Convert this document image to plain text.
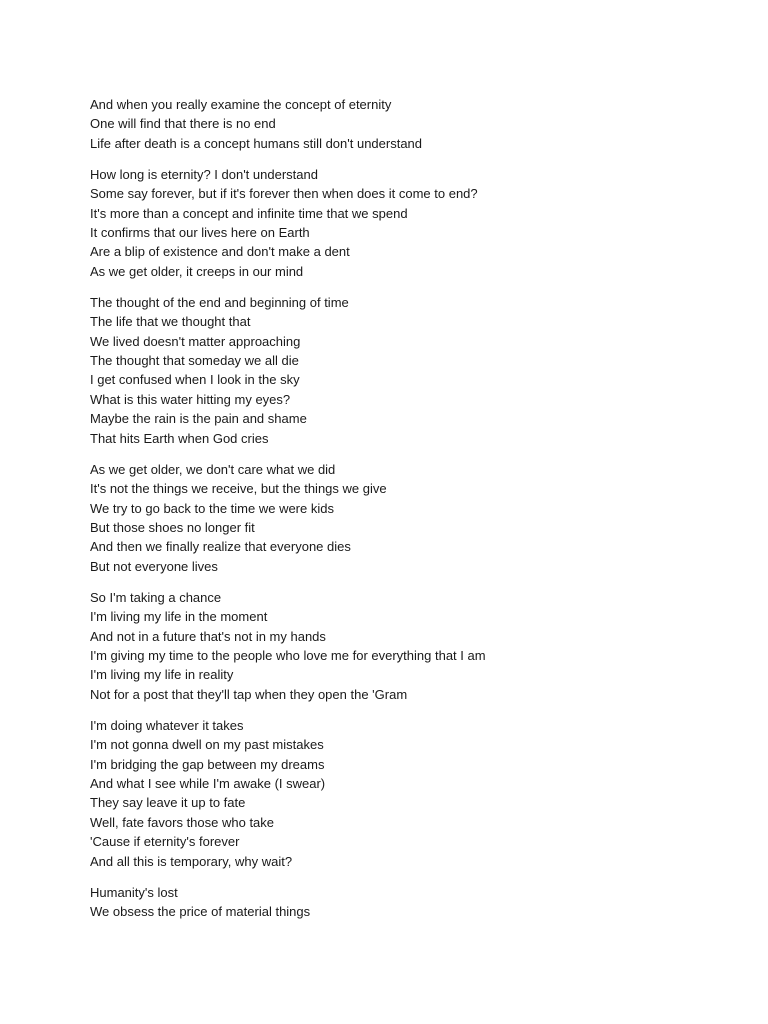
And when you really examine the concept of eternity
One will find that there is no end
Life after death is a concept humans still don't understand
How long is eternity? I don't understand
Some say forever, but if it's forever then when does it come to end?
It's more than a concept and infinite time that we spend
It confirms that our lives here on Earth
Are a blip of existence and don't make a dent
As we get older, it creeps in our mind
The thought of the end and beginning of time
The life that we thought that
We lived doesn't matter approaching
The thought that someday we all die
I get confused when I look in the sky
What is this water hitting my eyes?
Maybe the rain is the pain and shame
That hits Earth when God cries
As we get older, we don't care what we did
It's not the things we receive, but the things we give
We try to go back to the time we were kids
But those shoes no longer fit
And then we finally realize that everyone dies
But not everyone lives
So I'm taking a chance
I'm living my life in the moment
And not in a future that's not in my hands
I'm giving my time to the people who love me for everything that I am
I'm living my life in reality
Not for a post that they'll tap when they open the 'Gram
I'm doing whatever it takes
I'm not gonna dwell on my past mistakes
I'm bridging the gap between my dreams
And what I see while I'm awake (I swear)
They say leave it up to fate
Well, fate favors those who take
'Cause if eternity's forever
And all this is temporary, why wait?
Humanity's lost
We obsess the price of material things
